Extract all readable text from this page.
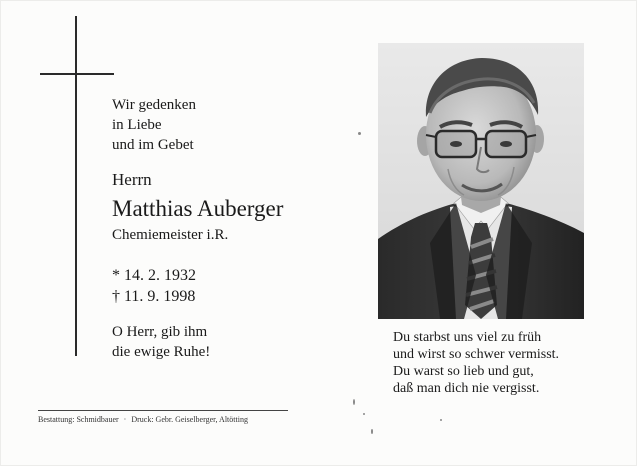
Wir gedenken
in Liebe
und im Gebet
Herrn
Matthias Auberger
Chemiemeister i.R.
* 14. 2. 1932
† 11. 9. 1998
O Herr, gib ihm
die ewige Ruhe!
Bestattung: Schmidbauer · Druck: Gebr. Geiselberger, Altötting
Du starbst uns viel zu früh
und wirst so schwer vermisst.
Du warst so lieb und gut,
daß man dich nie vergisst.
